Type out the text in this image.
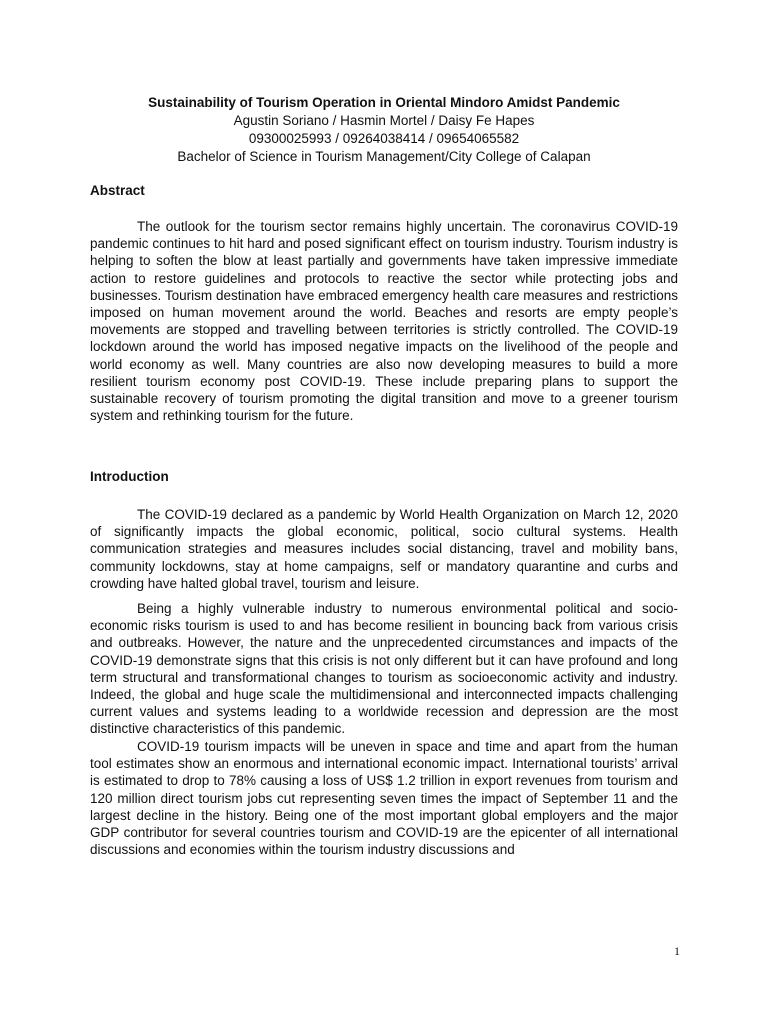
Sustainability of Tourism Operation in Oriental Mindoro Amidst Pandemic
Agustin Soriano / Hasmin Mortel / Daisy Fe Hapes
09300025993 / 09264038414 / 09654065582
Bachelor of Science in Tourism Management/City College of Calapan
Abstract

The outlook for the tourism sector remains highly uncertain. The coronavirus COVID-19 pandemic continues to hit hard and posed significant effect on tourism industry. Tourism industry is helping to soften the blow at least partially and governments have taken impressive immediate action to restore guidelines and protocols to reactive the sector while protecting jobs and businesses. Tourism destination have embraced emergency health care measures and restrictions imposed on human movement around the world. Beaches and resorts are empty people’s movements are stopped and travelling between territories is strictly controlled. The COVID-19 lockdown around the world has imposed negative impacts on the livelihood of the people and world economy as well. Many countries are also now developing measures to build a more resilient tourism economy post COVID-19. These include preparing plans to support the sustainable recovery of tourism promoting the digital transition and move to a greener tourism system and rethinking tourism for the future.

Introduction

The COVID-19 declared as a pandemic by World Health Organization on March 12, 2020 of significantly impacts the global economic, political, socio cultural systems. Health communication strategies and measures includes social distancing, travel and mobility bans, community lockdowns, stay at home campaigns, self or mandatory quarantine and curbs and crowding have halted global travel, tourism and leisure.

Being a highly vulnerable industry to numerous environmental political and socio-economic risks tourism is used to and has become resilient in bouncing back from various crisis and outbreaks. However, the nature and the unprecedented circumstances and impacts of the COVID-19 demonstrate signs that this crisis is not only different but it can have profound and long term structural and transformational changes to tourism as socioeconomic activity and industry. Indeed, the global and huge scale the multidimensional and interconnected impacts challenging current values and systems leading to a worldwide recession and depression are the most distinctive characteristics of this pandemic.

COVID-19 tourism impacts will be uneven in space and time and apart from the human tool estimates show an enormous and international economic impact. International tourists’ arrival is estimated to drop to 78% causing a loss of US$ 1.2 trillion in export revenues from tourism and 120 million direct tourism jobs cut representing seven times the impact of September 11 and the largest decline in the history. Being one of the most important global employers and the major GDP contributor for several countries tourism and COVID-19 are the epicenter of all international discussions and economies within the tourism industry discussions and

1
